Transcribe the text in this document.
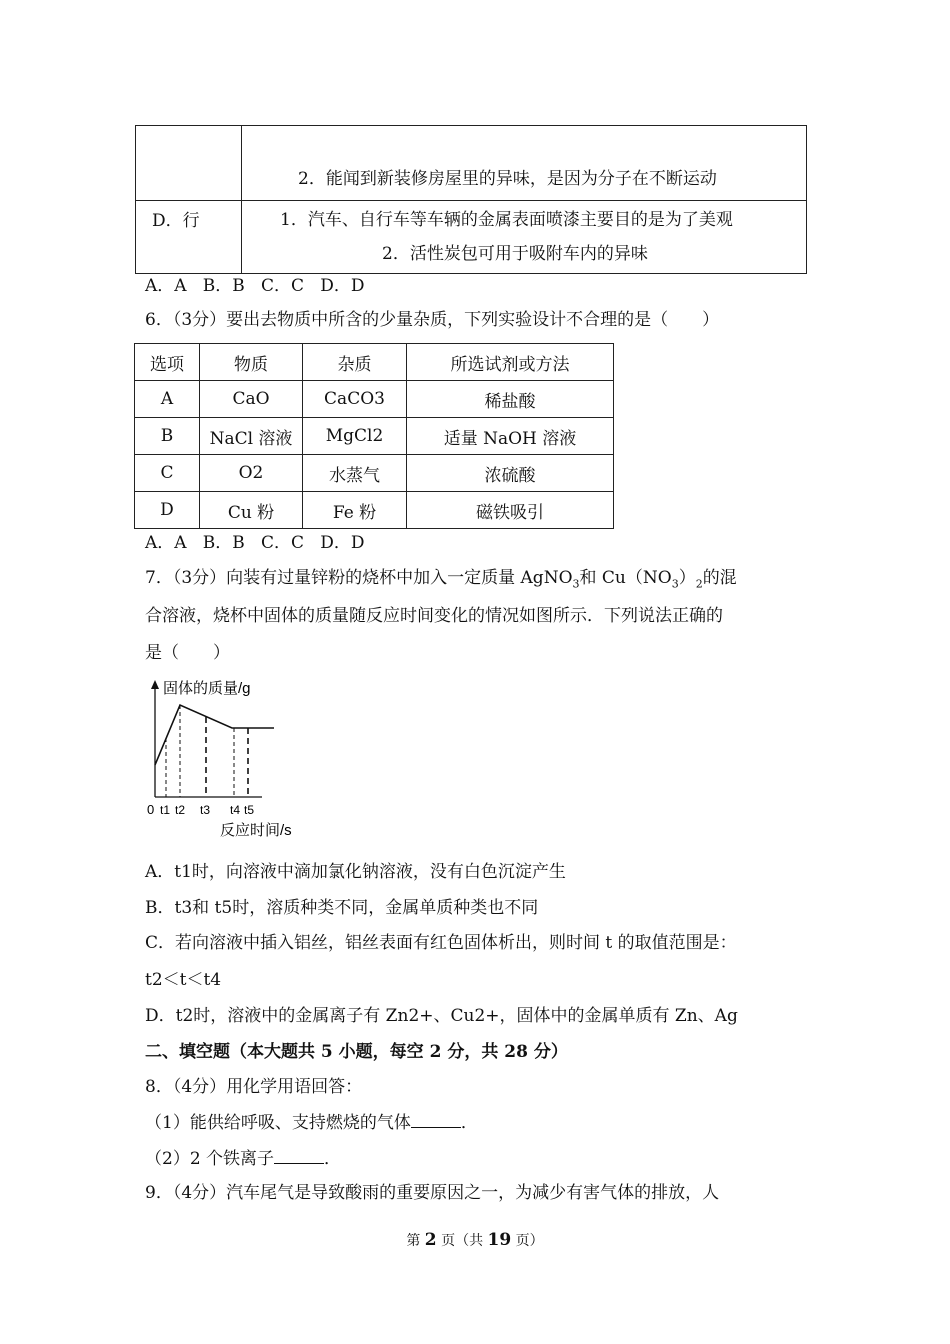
	2．能闻到新装修房屋里的异味，是因为分子在不断运动

D．行	1．汽车、自行车等车辆的金属表面喷漆主要目的是为了美观
2．活性炭包可用于吸附车内的异味
A．A B．B C．C D．D
6．（3分）要出去物质中所含的少量杂质，下列实验设计不合理的是（　　）
选项	物质	杂质	所选试剂或方法
A	CaO	CaCO3	稀盐酸
B	NaCl 溶液	MgCl2	适量 NaOH 溶液
C	O2	水蒸气	浓硫酸
D	Cu 粉	Fe 粉	磁铁吸引
A．A B．B C．C D．D
7．（3分）向装有过量锌粉的烧杯中加入一定质量 AgNO$_3$和 $Cu(NO_3)_2$的混
合溶液，烧杯中固体的质量随反应时间变化的情况如图所示．下列说法正确的
是（　　）
固体的质量/g
0 t1 t2 t3 t4 t5
反应时间/s
A．t1时，向溶液中滴加氯化钠溶液，没有白色沉淀产生
B．t3和 t5时，溶质种类不同，金属单质种类也不同
C．若向溶液中插入铝丝，铝丝表面有红色固体析出，则时间 t 的取值范围是：
t2＜t＜t4
D．t2时，溶液中的金属离子有 Zn2+、Cu2+，固体中的金属单质有 Zn、Ag
二、填空题（本大题共 5 小题，每空 2 分，共 28 分）
8．（4分）用化学用语回答：
（1）能供给呼吸、支持燃烧的气体	．
（2）2 个铁离子	．
9．（4分）汽车尾气是导致酸雨的重要原因之一，为减少有害气体的排放，人
第 2 页（共 19 页）
